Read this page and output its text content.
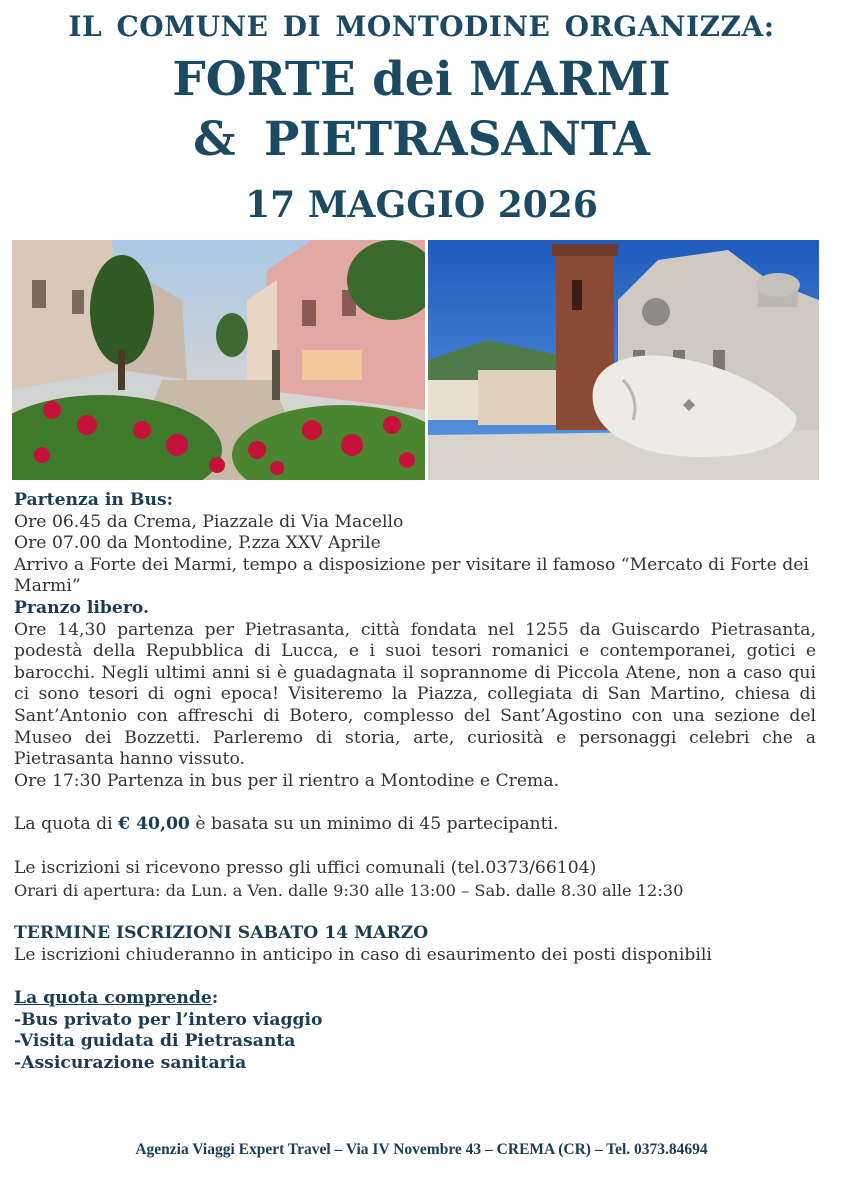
IL COMUNE DI MONTODINE ORGANIZZA:
FORTE dei MARMI
& PIETRASANTA
17 MAGGIO 2026

Partenza in Bus:

Ore 06.45 da Crema, Piazzale di Via Macello

Ore 07.00 da Montodine, P.zza XXV Aprile

Arrivo a Forte dei Marmi, tempo a disposizione per visitare il famoso “Mercato di Forte dei Marmi”

Pranzo libero.

Ore 14,30 partenza per Pietrasanta, città fondata nel 1255 da Guiscardo Pietrasanta, podestà della Repubblica di Lucca, e i suoi tesori romanici e contemporanei, gotici e barocchi. Negli ultimi anni si è guadagnata il soprannome di Piccola Atene, non a caso qui ci sono tesori di ogni epoca! Visiteremo la Piazza, collegiata di San Martino, chiesa di Sant’Antonio con affreschi di Botero, complesso del Sant’Agostino con una sezione del Museo dei Bozzetti. Parleremo di storia, arte, curiosità e personaggi celebri che a Pietrasanta hanno vissuto.

Ore 17:30 Partenza in bus per il rientro a Montodine e Crema.

La quota di € 40,00 è basata su un minimo di 45 partecipanti.

Le iscrizioni si ricevono presso gli uffici comunali (tel.0373/66104)

Orari di apertura: da Lun. a Ven. dalle 9:30 alle 13:00 – Sab. dalle 8.30 alle 12:30

TERMINE ISCRIZIONI SABATO 14 MARZO

Le iscrizioni chiuderanno in anticipo in caso di esaurimento dei posti disponibili

La quota comprende:

-Bus privato per l’intero viaggio

-Visita guidata di Pietrasanta

-Assicurazione sanitaria

Agenzia Viaggi Expert Travel – Via IV Novembre 43 – CREMA (CR) – Tel. 0373.84694
